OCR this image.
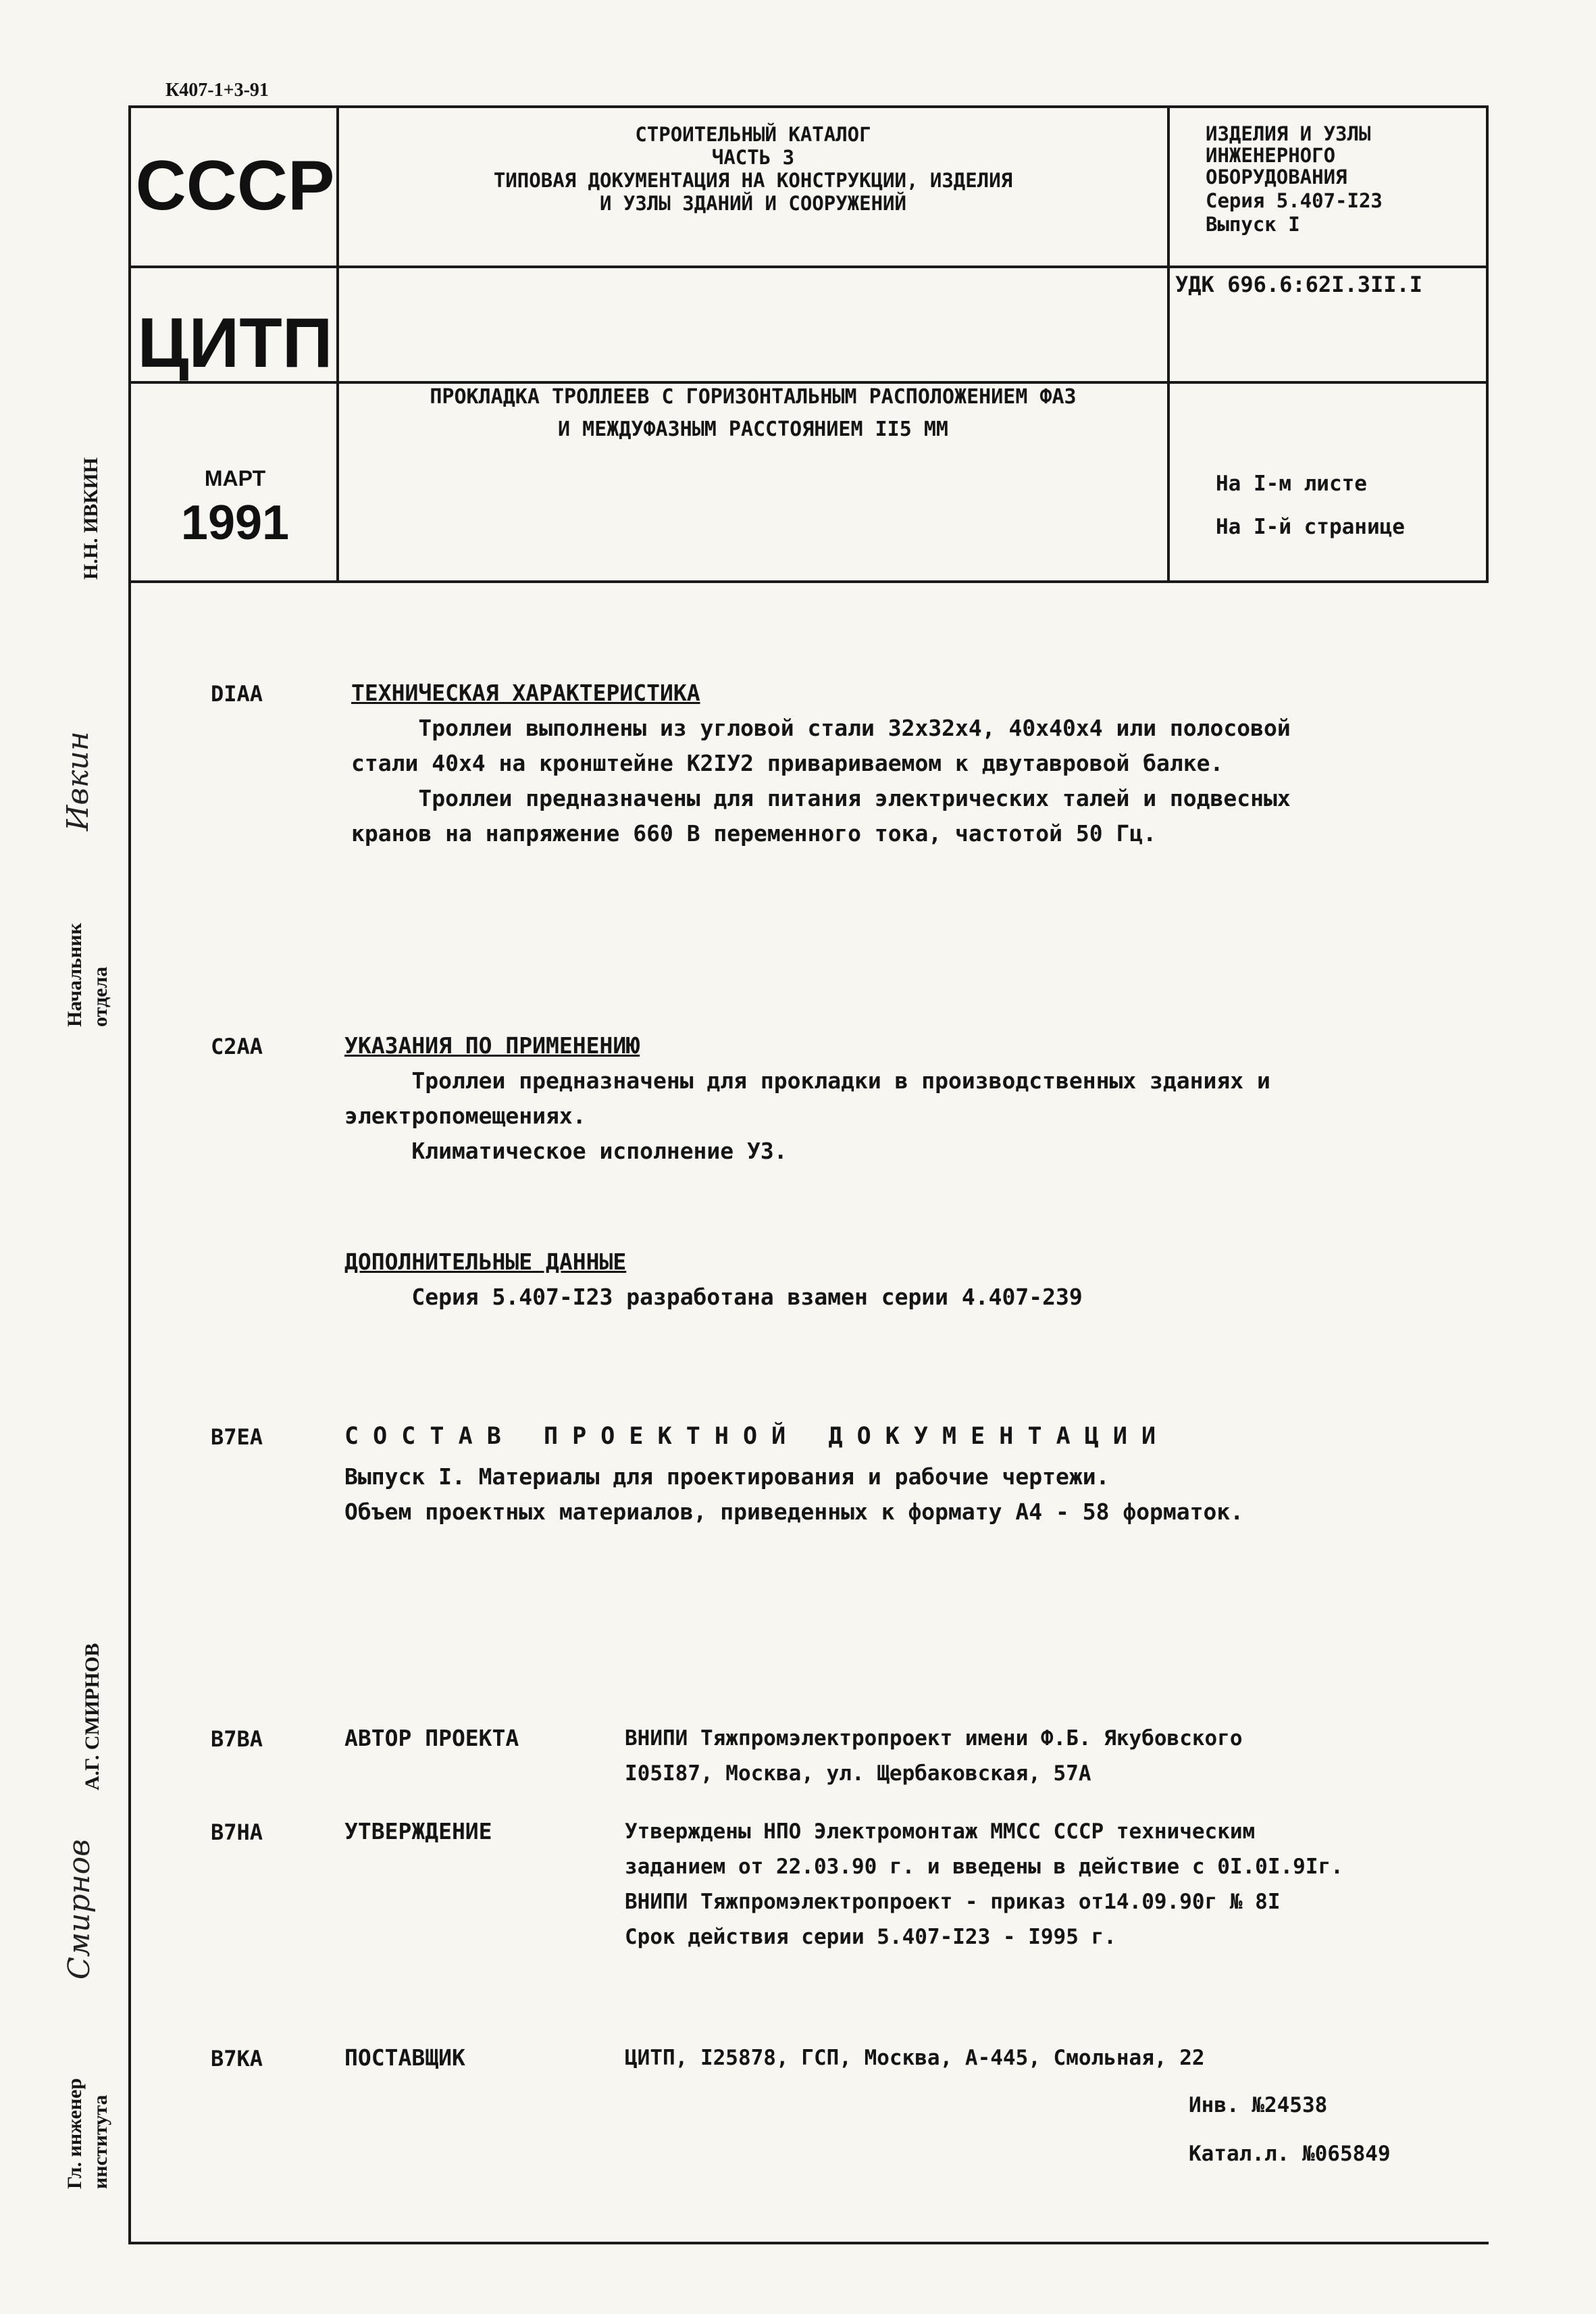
К407-1+3-91
СССР
ЦИТП
МАРТ
1991
СТРОИТЕЛЬНЫЙ КАТАЛОГ
ЧАСТЬ 3
ТИПОВАЯ ДОКУМЕНТАЦИЯ НА КОНСТРУКЦИИ, ИЗДЕЛИЯ
И УЗЛЫ ЗДАНИЙ И СООРУЖЕНИЙ
ПРОКЛАДКА ТРОЛЛЕЕВ С ГОРИЗОНТАЛЬНЫМ РАСПОЛОЖЕНИЕМ ФАЗ
И МЕЖДУФАЗНЫМ РАССТОЯНИЕМ II5 ММ
ИЗДЕЛИЯ И УЗЛЫ
ИНЖЕНЕРНОГО
ОБОРУДОВАНИЯ
Серия 5.407-I23
Выпуск I
УДК 696.6:62I.3II.I
На I-м листе
На I-й странице
Н.Н. ИВКИН
Ивкин
Начальник отдела
А.Г. СМИРНОВ
Смирнов
Гл. инженер института
DIAA	ТЕХНИЧЕСКАЯ ХАРАКТЕРИСТИКА
Троллеи выполнены из угловой стали 32х32х4, 40х40х4 или полосовой
стали 40х4 на кронштейне К2IУ2 привариваемом к двутавровой балке.
Троллеи предназначены для питания электрических талей и подвесных
кранов на напряжение 660 В переменного тока, частотой 50 Гц.
C2AA	УКАЗАНИЯ ПО ПРИМЕНЕНИЮ
Троллеи предназначены для прокладки в производственных зданиях и
электропомещениях.
Климатическое исполнение У3.
ДОПОЛНИТЕЛЬНЫЕ ДАННЫЕ
Серия 5.407-I23 разработана взамен серии 4.407-239
B7EA	С О С Т А В   П Р О Е К Т Н О Й   Д О К У М Е Н Т А Ц И И
Выпуск I. Материалы для проектирования и рабочие чертежи.
Объем проектных материалов, приведенных к формату А4 - 58 форматок.
B7BA	АВТОР ПРОЕКТА	ВНИПИ Тяжпромэлектропроект имени Ф.Б. Якубовского
I05I87, Москва, ул. Щербаковская, 57А
B7HA	УТВЕРЖДЕНИЕ	Утверждены НПО Электромонтаж ММСС СССР техническим
заданием от 22.03.90 г. и введены в действие с 0I.0I.9Iг.
ВНИПИ Тяжпромэлектропроект - приказ от14.09.90г № 8I
Срок действия серии 5.407-I23 - I995 г.
B7KA	ПОСТАВЩИК	ЦИТП, I25878, ГСП, Москва, А-445, Смольная, 22
Инв. №24538
Катал.л. №065849
